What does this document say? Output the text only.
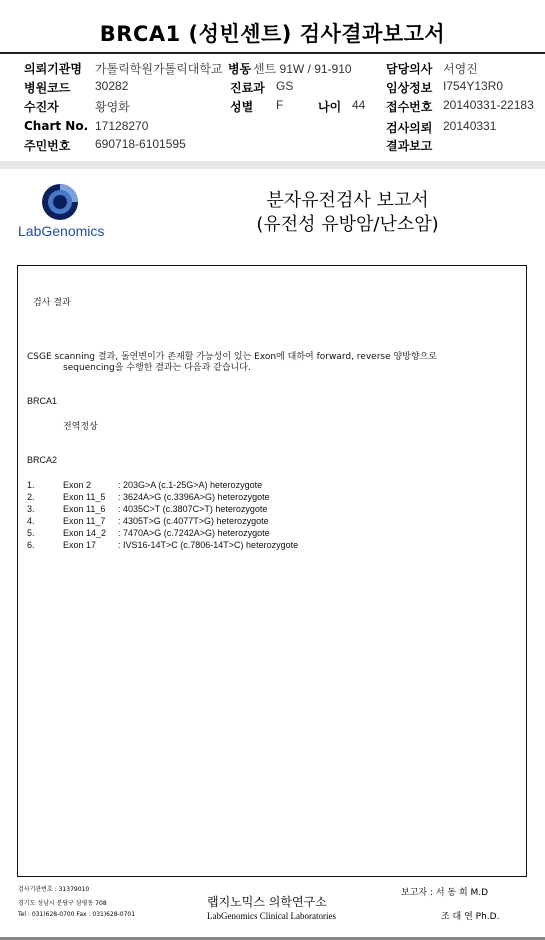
BRCA1 (성빈센트) 검사결과보고서
의뢰기관명 가톨릭학원가톨릭대학교 병동 센트 91W / 91-910	담당의사 서영진
병원코드 30282	진료과 GS	임상정보 I754Y13R0
수진자	황영화	성별 F	나이 44 접수번호 20140331-22183
Chart No. 17128270	검사의뢰 20140331
주민번호 690718-6101595	결과보고
LabGenomics
분자유전검사 보고서
(유전성 유방암/난소암)
검사 결과
CSGE scanning 결과, 돌연변이가 존재할 가능성이 있는 Exon에 대하여 forward, reverse 양방향으로
sequencing을 수행한 결과는 다음과 같습니다.
BRCA1
전역정상
BRCA2
1.	Exon 2	: 203G>A (c.1-25G>A) heterozygote
2.	Exon 11_5 : 3624A>G (c.3396A>G) heterozygote
3.	Exon 11_6 : 4035C>T (c.3807C>T) heterozygote
4.	Exon 11_7 : 4305T>G (c.4077T>G) heterozygote
5.	Exon 14_2 : 7470A>G (c.7242A>G) heterozygote
6.	Exon 17 : IVS16-14T>C (c.7806-14T>C) heterozygote
검사기관번호 : 31379010
경기도 성남시 분당구 삼평동 708
Tel : 031)628-0700 Fax : 031)628-0701
랩지노믹스 의학연구소
LabGenomics Clinical Laboratories
보고자 : 서 동 희 M.D
조 대 연 Ph.D.
